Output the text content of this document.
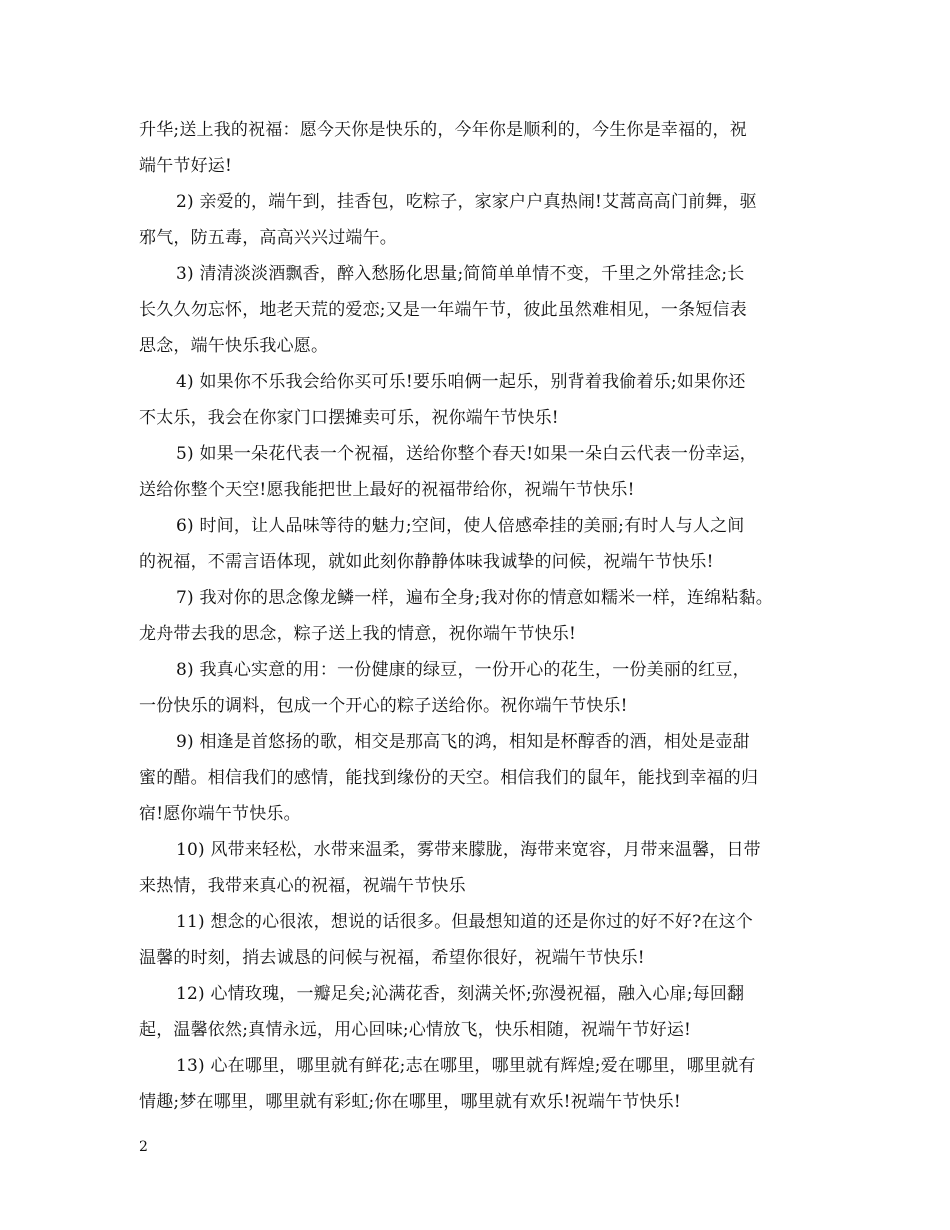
升华;送上我的祝福：愿今天你是快乐的，今年你是顺利的，今生你是幸福的，祝
端午节好运!
2) 亲爱的，端午到，挂香包，吃粽子，家家户户真热闹!艾蒿高高门前舞，驱
邪气，防五毒，高高兴兴过端午。
3) 清清淡淡酒飘香，醉入愁肠化思量;简简单单情不变，千里之外常挂念;长
长久久勿忘怀，地老天荒的爱恋;又是一年端午节，彼此虽然难相见，一条短信表
思念，端午快乐我心愿。
4) 如果你不乐我会给你买可乐!要乐咱俩一起乐，别背着我偷着乐;如果你还
不太乐，我会在你家门口摆摊卖可乐，祝你端午节快乐!
5) 如果一朵花代表一个祝福，送给你整个春天!如果一朵白云代表一份幸运，
送给你整个天空!愿我能把世上最好的祝福带给你，祝端午节快乐!
6) 时间，让人品味等待的魅力;空间，使人倍感牵挂的美丽;有时人与人之间
的祝福，不需言语体现，就如此刻你静静体味我诚挚的问候，祝端午节快乐!
7) 我对你的思念像龙鳞一样，遍布全身;我对你的情意如糯米一样，连绵粘黏。
龙舟带去我的思念，粽子送上我的情意，祝你端午节快乐!
8) 我真心实意的用：一份健康的绿豆，一份开心的花生，一份美丽的红豆，
一份快乐的调料，包成一个开心的粽子送给你。祝你端午节快乐!
9) 相逢是首悠扬的歌，相交是那高飞的鸿，相知是杯醇香的酒，相处是壶甜
蜜的醋。相信我们的感情，能找到缘份的天空。相信我们的鼠年，能找到幸福的归
宿!愿你端午节快乐。
10) 风带来轻松，水带来温柔，雾带来朦胧，海带来宽容，月带来温馨，日带
来热情，我带来真心的祝福，祝端午节快乐
11) 想念的心很浓，想说的话很多。但最想知道的还是你过的好不好?在这个
温馨的时刻，捎去诚恳的问候与祝福，希望你很好，祝端午节快乐!
12) 心情玫瑰，一瓣足矣;沁满花香，刻满关怀;弥漫祝福，融入心扉;每回翻
起，温馨依然;真情永远，用心回味;心情放飞，快乐相随，祝端午节好运!
13) 心在哪里，哪里就有鲜花;志在哪里，哪里就有辉煌;爱在哪里，哪里就有
情趣;梦在哪里，哪里就有彩虹;你在哪里，哪里就有欢乐!祝端午节快乐!
2
